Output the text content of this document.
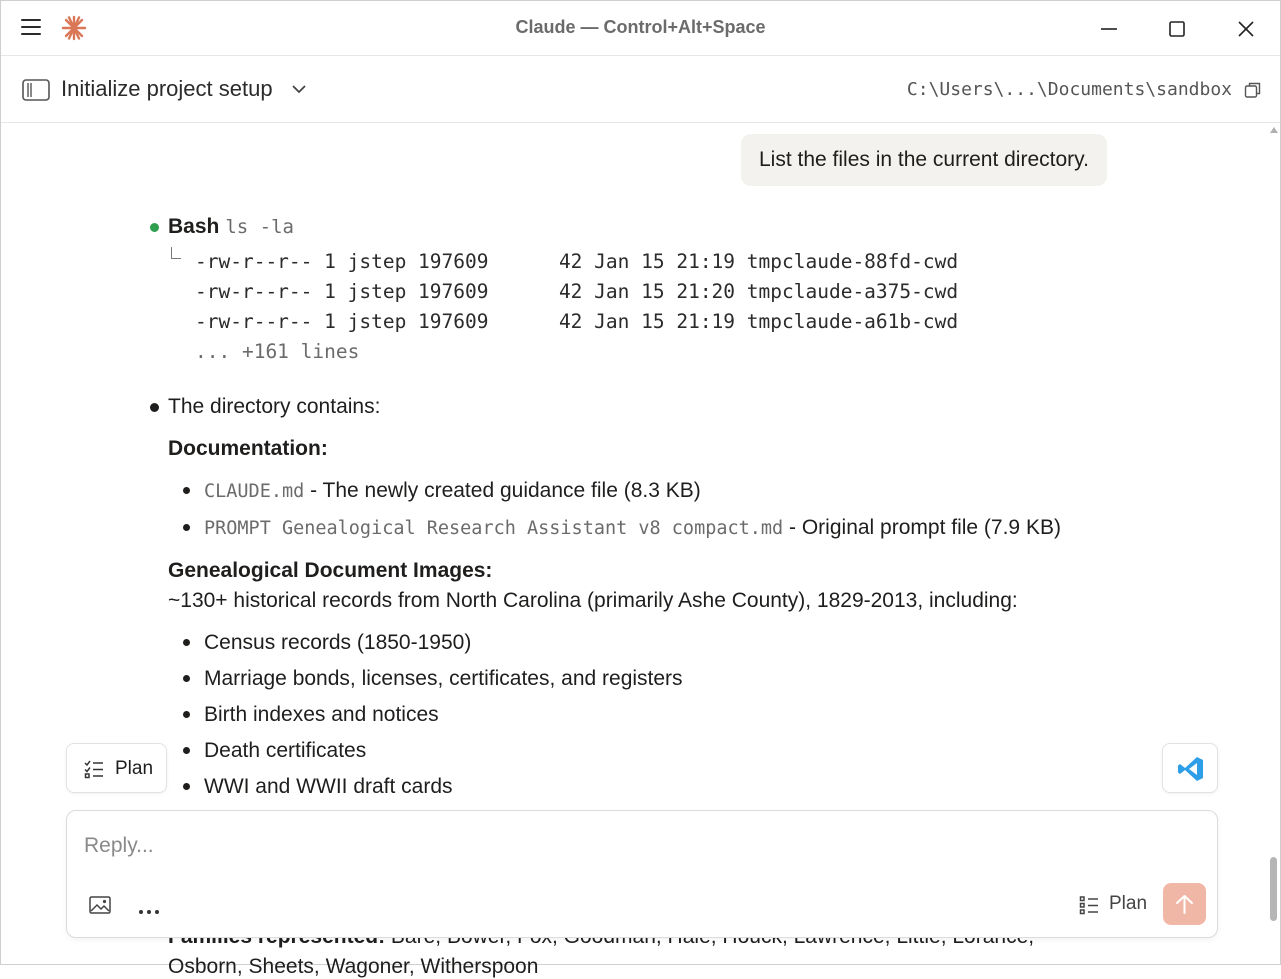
Claude — Control+Alt+Space
Initialize project setup	C:\Users\...\Documents\sandbox
List the files in the current directory.
Bash ls -la
-rw-r--r-- 1 jstep 197609      42 Jan 15 21:19 tmpclaude-88fd-cwd
-rw-r--r-- 1 jstep 197609      42 Jan 15 21:20 tmpclaude-a375-cwd
-rw-r--r-- 1 jstep 197609      42 Jan 15 21:19 tmpclaude-a61b-cwd
... +161 lines
The directory contains:
Documentation:
CLAUDE.md - The newly created guidance file (8.3 KB)
PROMPT Genealogical Research Assistant v8 compact.md - Original prompt file (7.9 KB)
Genealogical Document Images:
~130+ historical records from North Carolina (primarily Ashe County), 1829-2013, including:
Census records (1850-1950)
Marriage bonds, licenses, certificates, and registers
Birth indexes and notices
Death certificates
WWI and WWII draft cards
Osborn, Sheets, Wagoner, Witherspoon
Plan
Reply...
Plan
